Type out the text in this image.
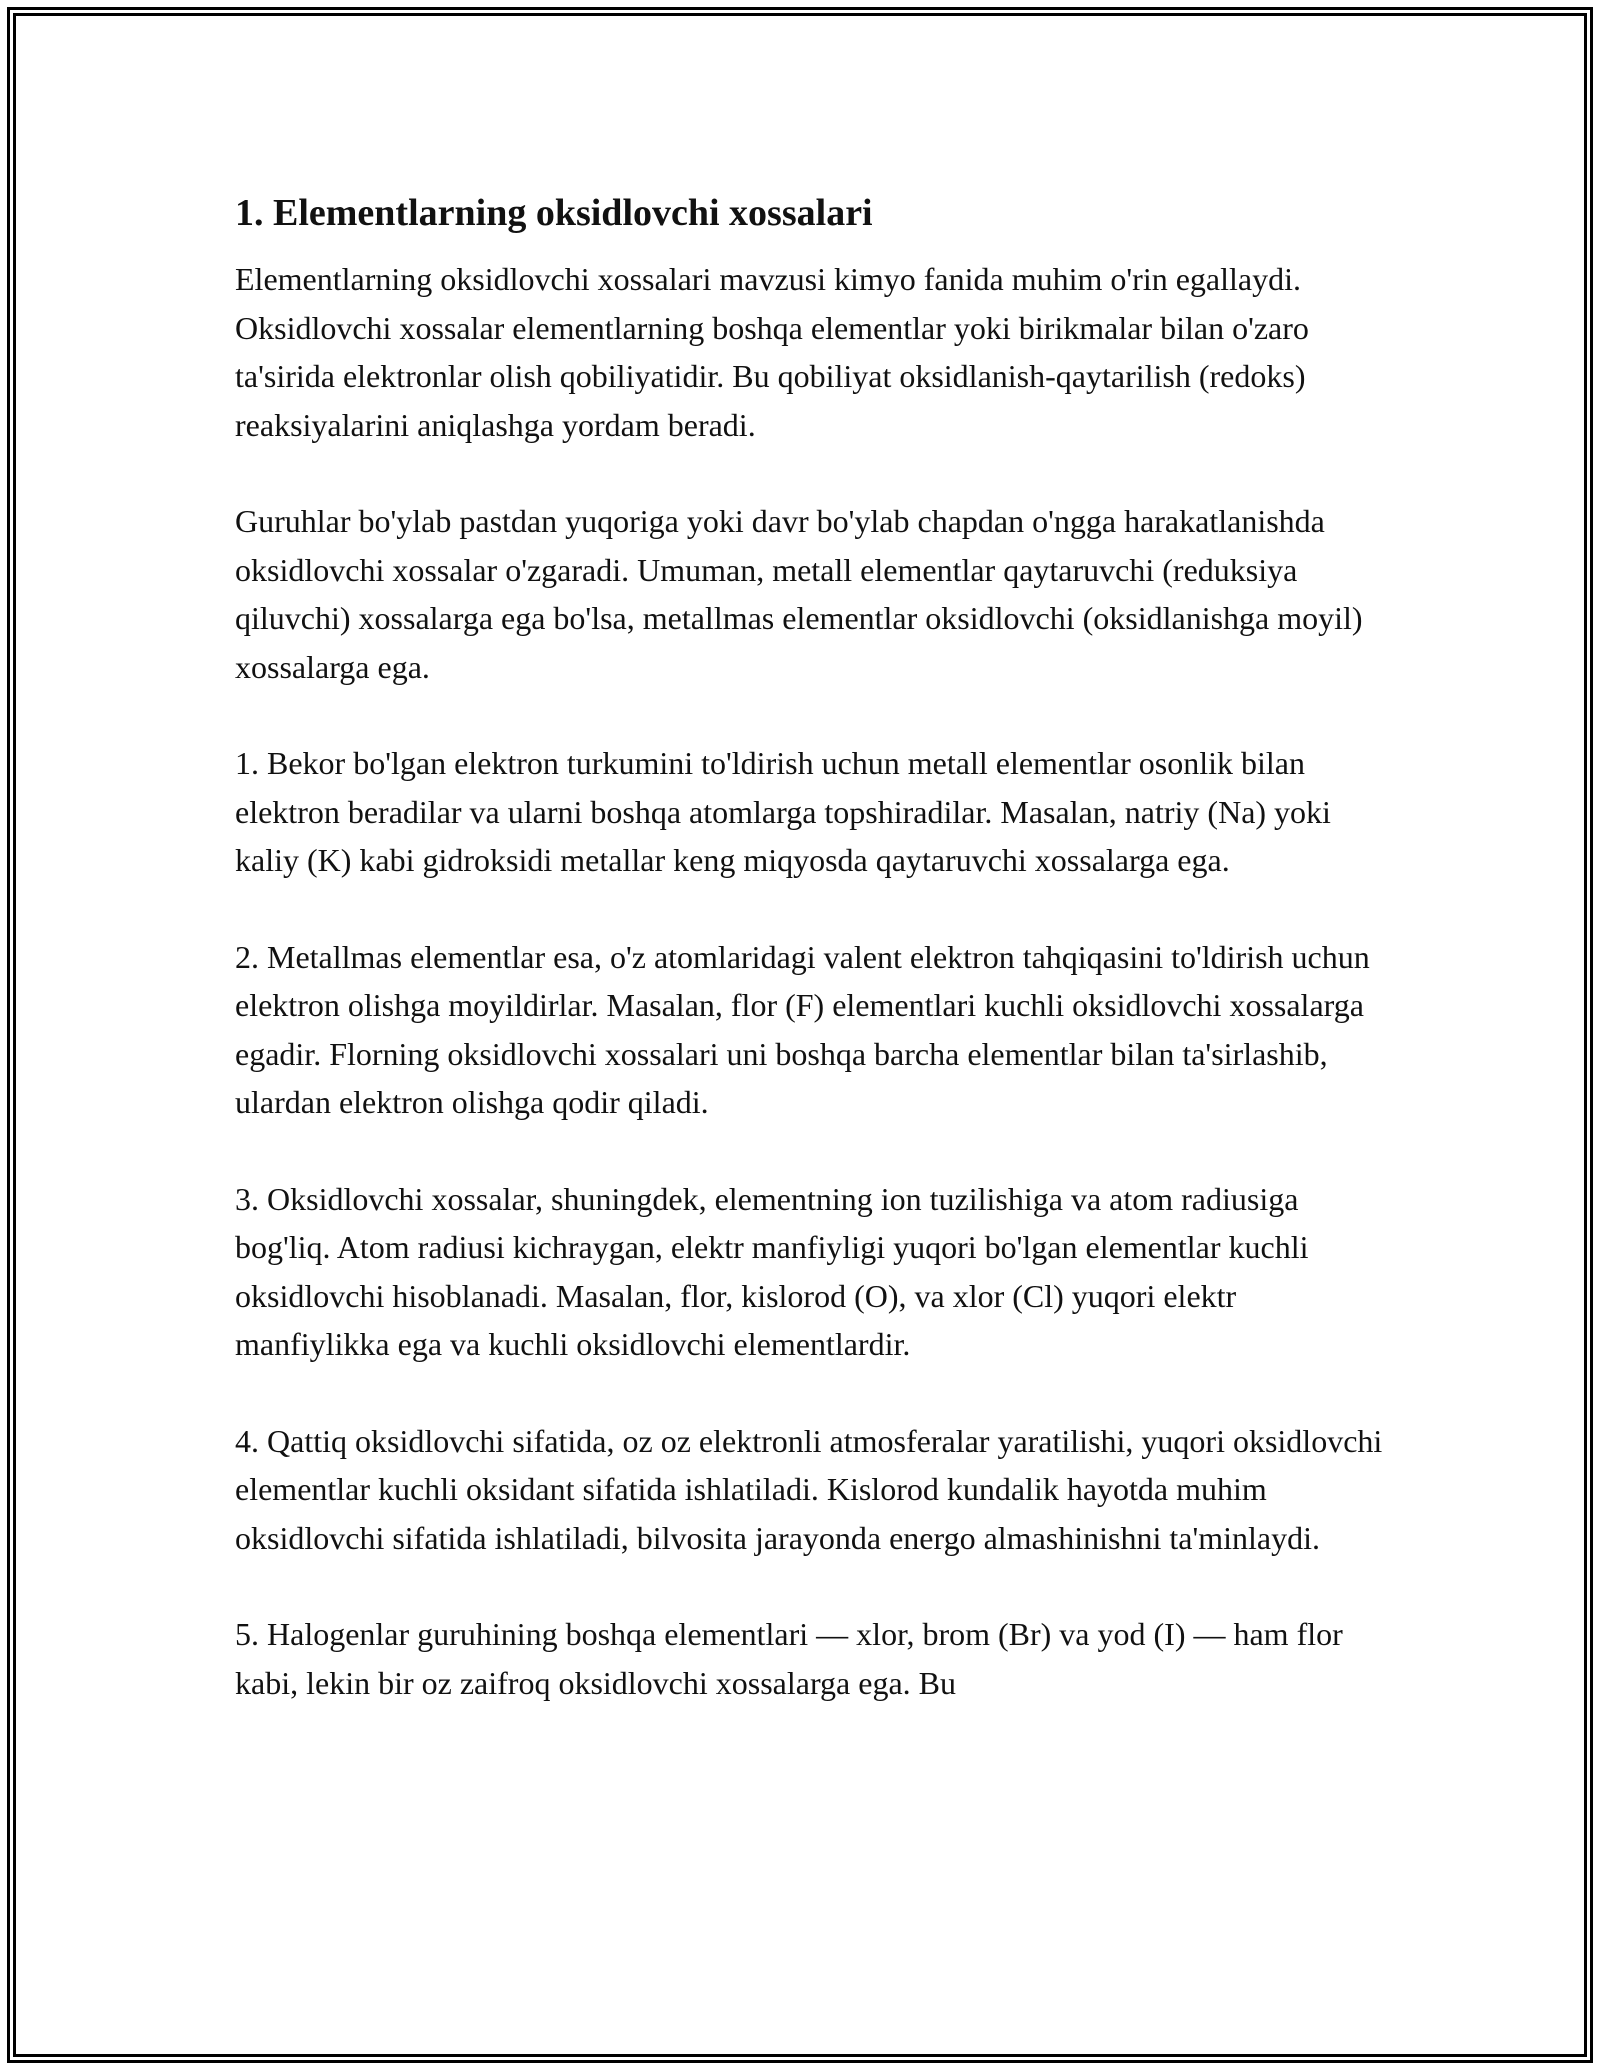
1. Elementlarning oksidlovchi xossalari

Elementlarning oksidlovchi xossalari mavzusi kimyo fanida muhim o'rin egallaydi. Oksidlovchi xossalar elementlarning boshqa elementlar yoki birikmalar bilan o'zaro ta'sirida elektronlar olish qobiliyatidir. Bu qobiliyat oksidlanish-qaytarilish (redoks) reaksiyalarini aniqlashga yordam beradi.

Guruhlar bo'ylab pastdan yuqoriga yoki davr bo'ylab chapdan o'ngga harakatlanishda oksidlovchi xossalar o'zgaradi. Umuman, metall elementlar qaytaruvchi (reduksiya qiluvchi) xossalarga ega bo'lsa, metallmas elementlar oksidlovchi (oksidlanishga moyil) xossalarga ega.

1. Bekor bo'lgan elektron turkumini to'ldirish uchun metall elementlar osonlik bilan elektron beradilar va ularni boshqa atomlarga topshiradilar. Masalan, natriy (Na) yoki kaliy (K) kabi gidroksidi metallar keng miqyosda qaytaruvchi xossalarga ega.

2. Metallmas elementlar esa, o'z atomlaridagi valent elektron tahqiqasini to'ldirish uchun elektron olishga moyildirlar. Masalan, flor (F) elementlari kuchli oksidlovchi xossalarga egadir. Florning oksidlovchi xossalari uni boshqa barcha elementlar bilan ta'sirlashib, ulardan elektron olishga qodir qiladi.

3. Oksidlovchi xossalar, shuningdek, elementning ion tuzilishiga va atom radiusiga bog'liq. Atom radiusi kichraygan, elektr manfiyligi yuqori bo'lgan elementlar kuchli oksidlovchi hisoblanadi. Masalan, flor, kislorod (O), va xlor (Cl) yuqori elektr manfiylikka ega va kuchli oksidlovchi elementlardir.

4. Qattiq oksidlovchi sifatida, oz oz elektronli atmosferalar yaratilishi, yuqori oksidlovchi elementlar kuchli oksidant sifatida ishlatiladi. Kislorod kundalik hayotda muhim oksidlovchi sifatida ishlatiladi, bilvosita jarayonda energo almashinishni ta'minlaydi.

5. Halogenlar guruhining boshqa elementlari — xlor, brom (Br) va yod (I) — ham flor kabi, lekin bir oz zaifroq oksidlovchi xossalarga ega. Bu
